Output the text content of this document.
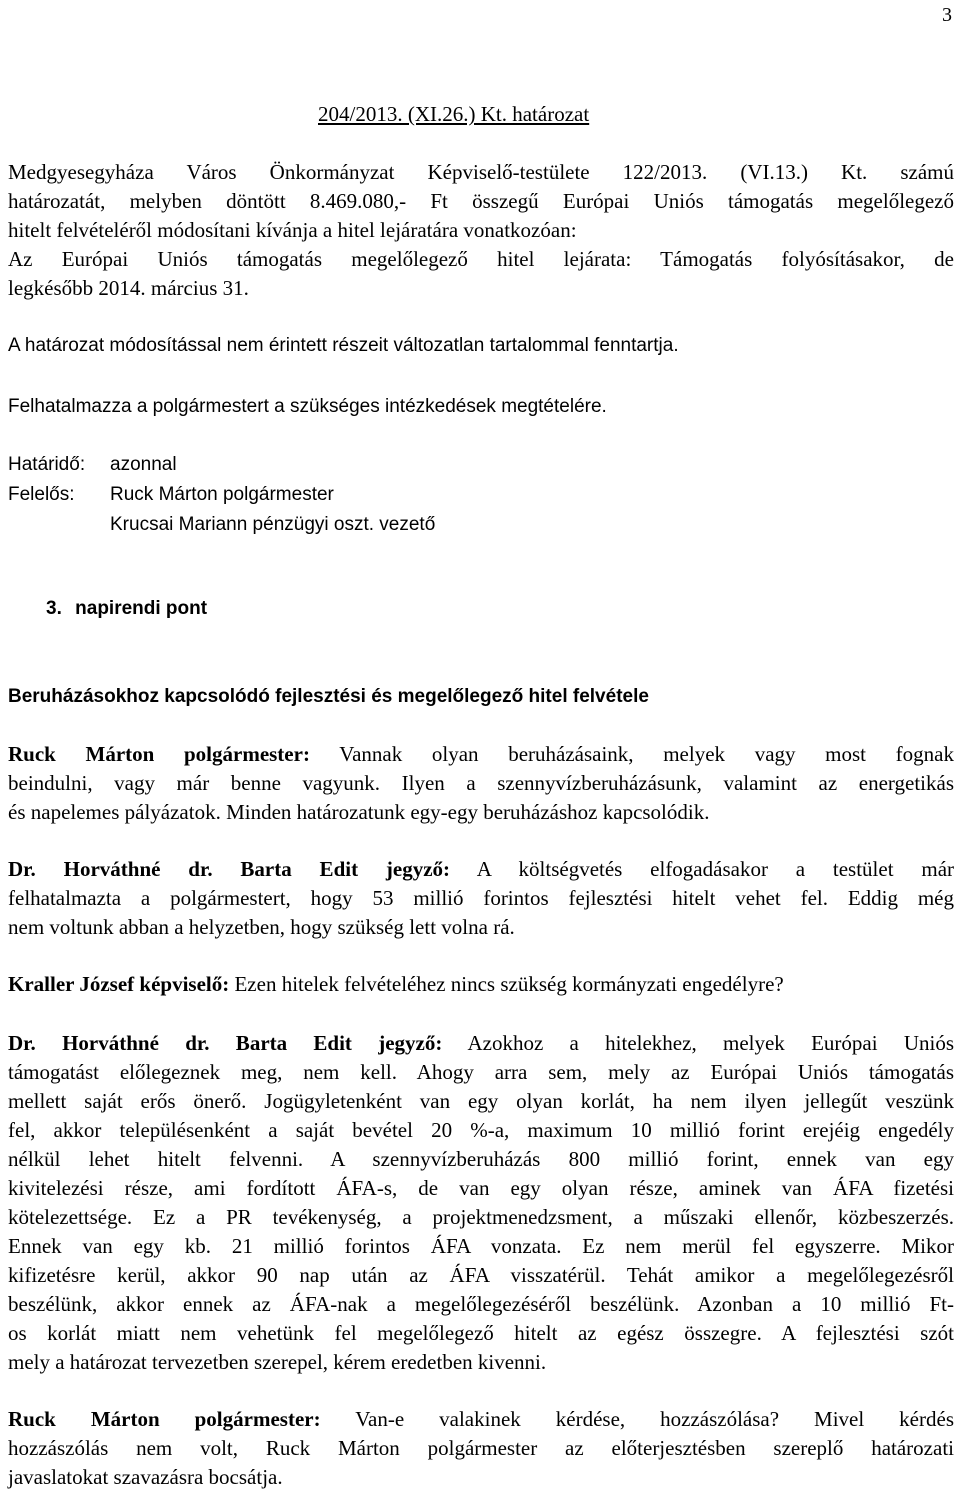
3
204/2013. (XI.26.) Kt. határozat
Medgyesegyháza Város Önkormányzat Képviselő-testülete 122/2013. (VI.13.) Kt. számú
határozatát, melyben döntött 8.469.080,- Ft összegű Európai Uniós támogatás megelőlegező
hitelt felvételéről módosítani kívánja a hitel lejáratára vonatkozóan:
Az Európai Uniós támogatás megelőlegező hitel lejárata: Támogatás folyósításakor, de
legkésőbb 2014. március 31.
A határozat módosítással nem érintett részeit változatlan tartalommal fenntartja.
Felhatalmazza a polgármestert a szükséges intézkedések megtételére.
Határidő: azonnal
Felelős: Ruck Márton polgármester
Krucsai Mariann pénzügyi oszt. vezető
3. napirendi pont
Beruházásokhoz kapcsolódó fejlesztési és megelőlegező hitel felvétele
Ruck Márton polgármester: Vannak olyan beruházásaink, melyek vagy most fognak
beindulni, vagy már benne vagyunk. Ilyen a szennyvízberuházásunk, valamint az energetikás
és napelemes pályázatok. Minden határozatunk egy-egy beruházáshoz kapcsolódik.
Dr. Horváthné dr. Barta Edit jegyző: A költségvetés elfogadásakor a testület már
felhatalmazta a polgármestert, hogy 53 millió forintos fejlesztési hitelt vehet fel. Eddig még
nem voltunk abban a helyzetben, hogy szükség lett volna rá.
Kraller József képviselő: Ezen hitelek felvételéhez nincs szükség kormányzati engedélyre?
Dr. Horváthné dr. Barta Edit jegyző: Azokhoz a hitelekhez, melyek Európai Uniós
támogatást előlegeznek meg, nem kell. Ahogy arra sem, mely az Európai Uniós támogatás
mellett saját erős önerő. Jogügyletenként van egy olyan korlát, ha nem ilyen jellegűt veszünk
fel, akkor településenként a saját bevétel 20 %-a, maximum 10 millió forint erejéig engedély
nélkül lehet hitelt felvenni. A szennyvízberuházás 800 millió forint, ennek van egy
kivitelezési része, ami fordított ÁFA-s, de van egy olyan része, aminek van ÁFA fizetési
kötelezettsége. Ez a PR tevékenység, a projektmenedzsment, a műszaki ellenőr, közbeszerzés.
Ennek van egy kb. 21 millió forintos ÁFA vonzata. Ez nem merül fel egyszerre. Mikor
kifizetésre kerül, akkor 90 nap után az ÁFA visszatérül. Tehát amikor a megelőlegezésről
beszélünk, akkor ennek az ÁFA-nak a megelőlegezéséről beszélünk. Azonban a 10 millió Ft-
os korlát miatt nem vehetünk fel megelőlegező hitelt az egész összegre. A fejlesztési szót
mely a határozat tervezetben szerepel, kérem eredetben kivenni.
Ruck Márton polgármester: Van-e valakinek kérdése, hozzászólása? Mivel kérdés
hozzászólás nem volt, Ruck Márton polgármester az előterjesztésben szereplő határozati
javaslatokat szavazásra bocsátja.
